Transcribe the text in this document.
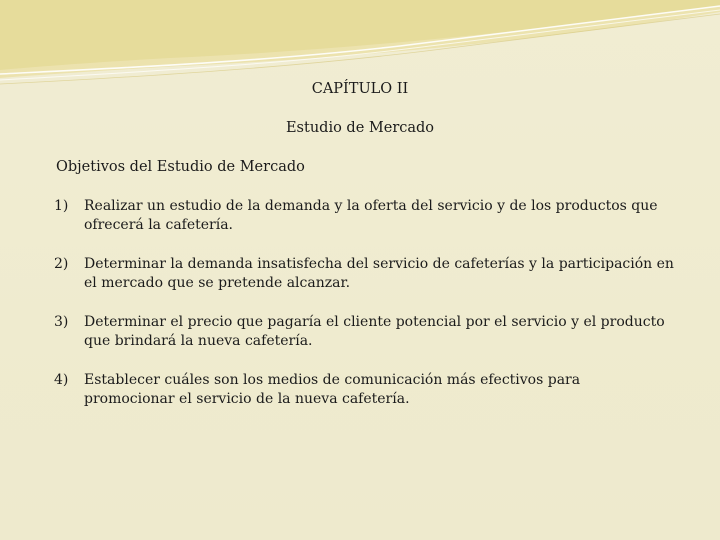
CAPÍTULO II
Estudio de Mercado
Objetivos del Estudio de Mercado
1) Realizar un estudio de la demanda y la oferta del servicio y de los productos que ofrecerá la cafetería.
2) Determinar la demanda insatisfecha del servicio de cafeterías y la participación en el mercado que se pretende alcanzar.
3) Determinar el precio que pagaría el cliente potencial por el servicio y el producto que brindará la nueva cafetería.
4) Establecer cuáles son los medios de comunicación más efectivos para promocionar el servicio de la nueva cafetería.
